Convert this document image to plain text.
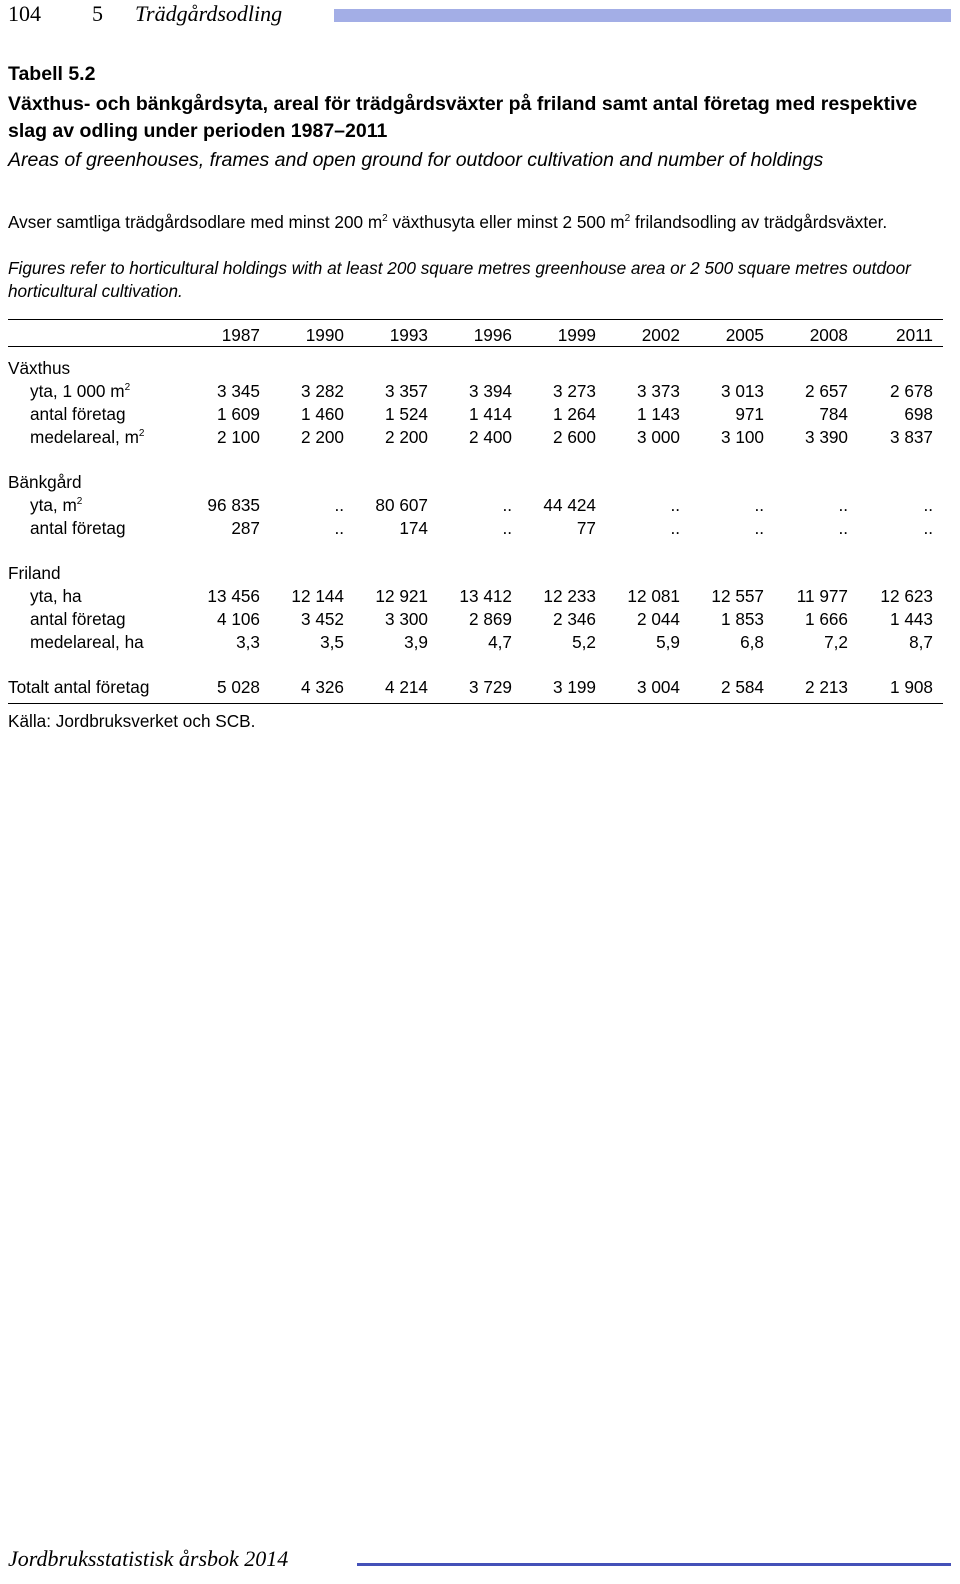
104 5 Trädgårdsodling
Tabell 5.2
Växthus- och bänkgårdsyta, areal för trädgårdsväxter på friland samt antal företag med respektive slag av odling under perioden 1987–2011
Areas of greenhouses, frames and open ground for outdoor cultivation and number of holdings
Avser samtliga trädgårdsodlare med minst 200 $m^2$ växthusyta eller minst 2 500 $m^2$ frilandsodling av trädgårdsväxter.
Figures refer to horticultural holdings with at least 200 square metres greenhouse area or 2 500 square metres outdoor horticultural cultivation.
1987	1990	1993	1996	1999	2002	2005	2008	2011
Växthus
yta, 1 000 $m^2$	3 345	3 282	3 357	3 394	3 273	3 373	3 013	2 657	2 678
antal företag	1 609	1 460	1 524	1 414	1 264	1 143	971	784	698
medelareal, $m^2$	2 100	2 200	2 200	2 400	2 600	3 000	3 100	3 390	3 837
Bänkgård
yta, $m^2$	96 835	..	80 607	..	44 424	..	..	..	..
antal företag	287	..	174	..	77	..	..	..	..
Friland
yta, ha	13 456	12 144	12 921	13 412	12 233	12 081	12 557	11 977	12 623
antal företag	4 106	3 452	3 300	2 869	2 346	2 044	1 853	1 666	1 443
medelareal, ha	3,3	3,5	3,9	4,7	5,2	5,9	6,8	7,2	8,7
Totalt antal företag	5 028	4 326	4 214	3 729	3 199	3 004	2 584	2 213	1 908
Källa: Jordbruksverket och SCB.
Jordbruksstatistisk årsbok 2014
